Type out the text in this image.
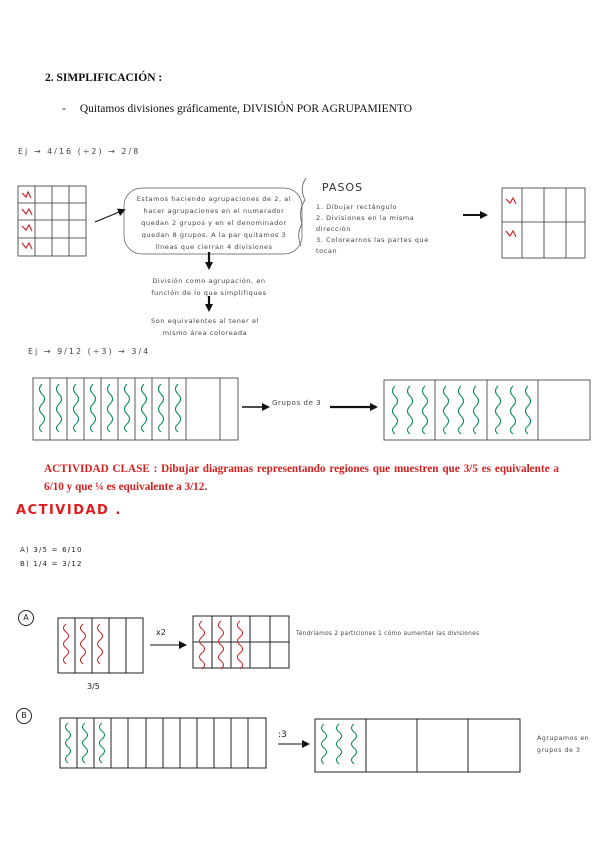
2. SIMPLIFICACIÓN :
- Quitamos divisiones gráficamente, DIVISIÓN POR AGRUPAMIENTO
Ej → 4/16 (÷2) → 2/8
Estamos haciendo agrupaciones de 2, al hacer agrupaciones en el numerador quedan 2 grupos y en el denominador quedan 8 grupos. A la par quitamos 3 líneas que cierran 4 divisiones
División como agrupación, en función de lo que simplifiques
Son equivalentes al tener el mismo área coloreada
PASOS
1. Dibujar rectángulo
2. Divisiones en la misma dirección
3. Colorearnos las partes que tocan
Ej → 9/12 (÷3) → 3/4
Grupos de 3
ACTIVIDAD CLASE : Dibujar diagramas representando regiones que muestren que 3/5 es equivalente a 6/10 y que ¼ es equivalente a 3/12.
ACTIVIDAD .
A) 3/5 = 6/10
B) 1/4 = 3/12
A
x2
3/5
Tendríamos 2 particiones 1 cómo aumentar las divisiones
B
:3	Agrupamos en grupos de 3
